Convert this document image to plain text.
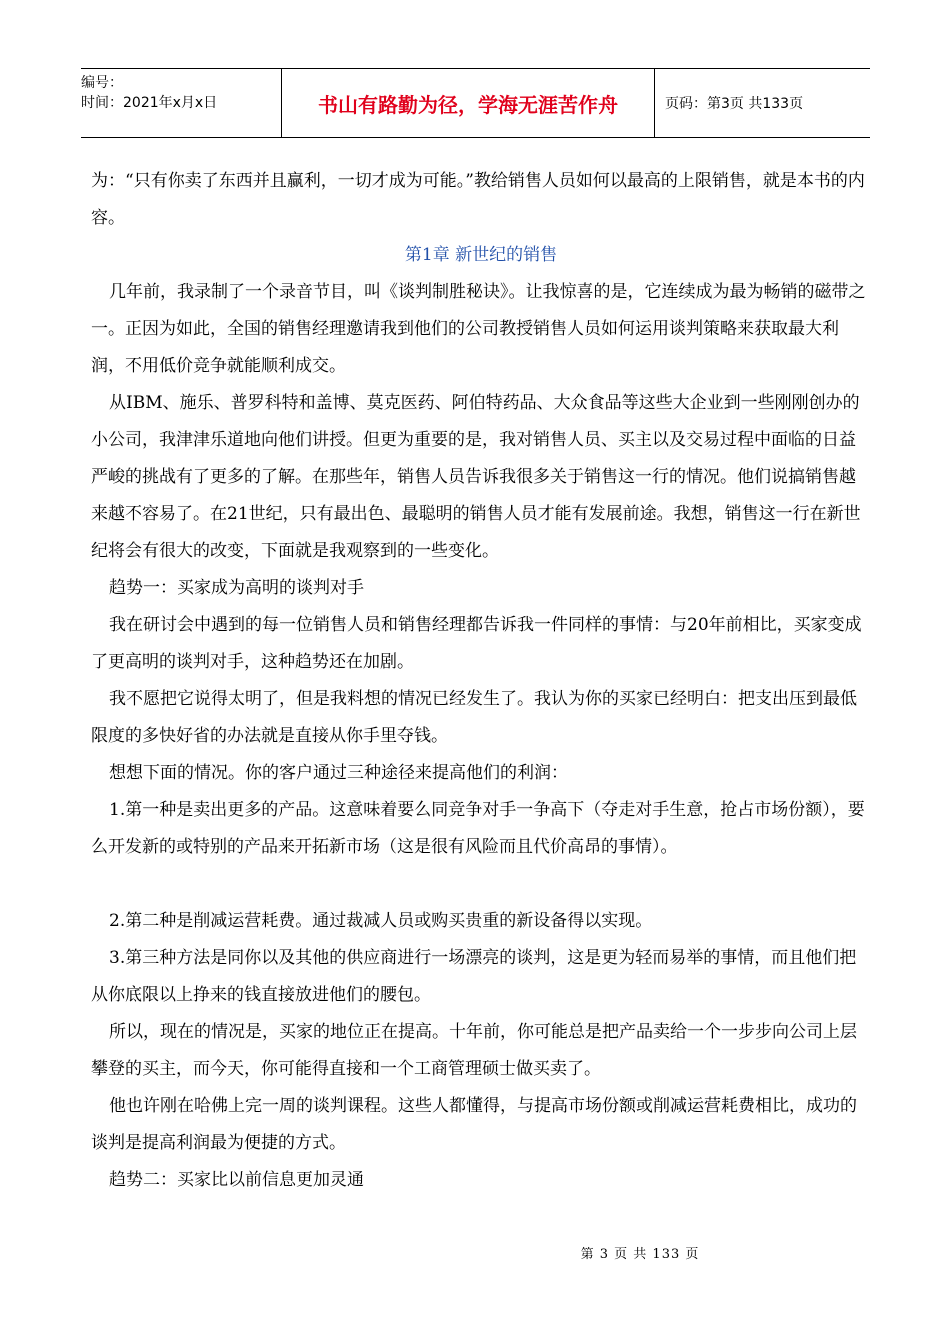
编号：
时间：2021年x月x日	书山有路勤为径，学海无涯苦作舟	页码：第3页 共133页

为：“只有你卖了东西并且赢利，一切才成为可能。”教给销售人员如何以最高的上限销售，就是本书的内容。

第1章 新世纪的销售

几年前，我录制了一个录音节目，叫《谈判制胜秘诀》。让我惊喜的是，它连续成为最为畅销的磁带之一。正因为如此，全国的销售经理邀请我到他们的公司教授销售人员如何运用谈判策略来获取最大利润，不用低价竞争就能顺利成交。

从IBM、施乐、普罗科特和盖博、莫克医药、阿伯特药品、大众食品等这些大企业到一些刚刚创办的小公司，我津津乐道地向他们讲授。但更为重要的是，我对销售人员、买主以及交易过程中面临的日益严峻的挑战有了更多的了解。在那些年，销售人员告诉我很多关于销售这一行的情况。他们说搞销售越来越不容易了。在21世纪，只有最出色、最聪明的销售人员才能有发展前途。我想，销售这一行在新世纪将会有很大的改变，下面就是我观察到的一些变化。

趋势一：买家成为高明的谈判对手

我在研讨会中遇到的每一位销售人员和销售经理都告诉我一件同样的事情：与20年前相比，买家变成了更高明的谈判对手，这种趋势还在加剧。

我不愿把它说得太明了，但是我料想的情况已经发生了。我认为你的买家已经明白：把支出压到最低限度的多快好省的办法就是直接从你手里夺钱。

想想下面的情况。你的客户通过三种途径来提高他们的利润：

1.第一种是卖出更多的产品。这意味着要么同竞争对手一争高下（夺走对手生意，抢占市场份额），要么开发新的或特别的产品来开拓新市场（这是很有风险而且代价高昂的事情）。

2.第二种是削减运营耗费。通过裁减人员或购买贵重的新设备得以实现。

3.第三种方法是同你以及其他的供应商进行一场漂亮的谈判，这是更为轻而易举的事情，而且他们把从你底限以上挣来的钱直接放进他们的腰包。

所以，现在的情况是，买家的地位正在提高。十年前，你可能总是把产品卖给一个一步步向公司上层攀登的买主，而今天，你可能得直接和一个工商管理硕士做买卖了。

他也许刚在哈佛上完一周的谈判课程。这些人都懂得，与提高市场份额或削减运营耗费相比，成功的谈判是提高利润最为便捷的方式。

趋势二：买家比以前信息更加灵通

第 3 页 共 133 页
